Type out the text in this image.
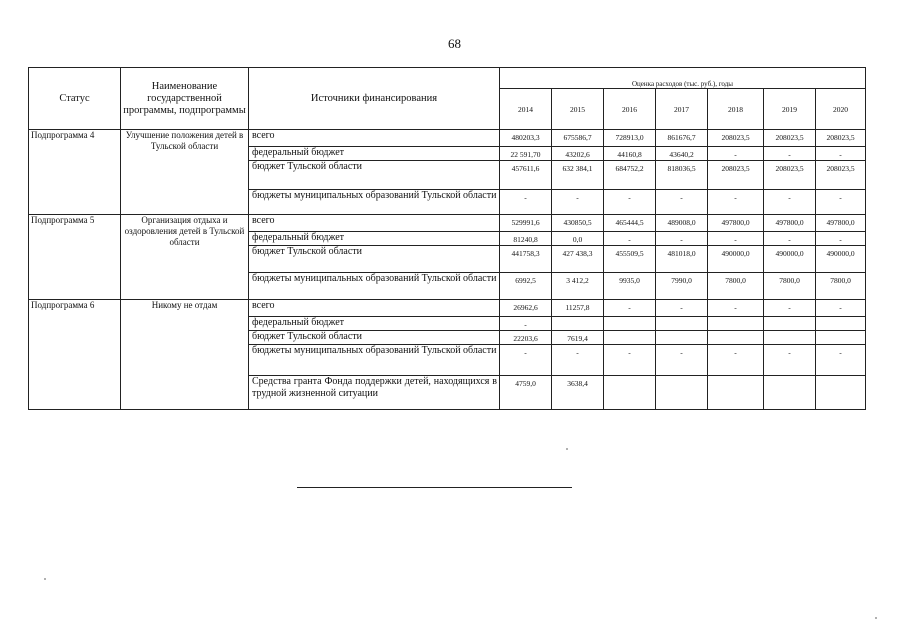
68
Статус	Наименование государственной программы, подпрограммы	Источники финансирования	Оценка расходов (тыс. руб.), годы						
			2014	2015	2016	2017	2018	2019	2020
Подпрограмма 4	Улучшение положения детей в Тульской области	всего	480203,3	675586,7	728913,0	861676,7	208023,5	208023,5	208023,5
		федеральный бюджет	22 591,70	43202,6	44160,8	43640,2	-	-	-
		бюджет Тульской области	457611,6	632 384,1	684752,2	818036,5	208023,5	208023,5	208023,5
		бюджеты муниципальных образований Тульской области	-	-	-	-	-	-	-
Подпрограмма 5	Организация отдыха и оздоровления детей в Тульской области	всего	529991,6	430850,5	465444,5	489008,0	497800,0	497800,0	497800,0
		федеральный бюджет	81240,8	0,0	-	-	-	-	-
		бюджет Тульской области	441758,3	427 438,3	455509,5	481018,0	490000,0	490000,0	490000,0
		бюджеты муниципальных образований Тульской области	6992,5	3 412,2	9935,0	7990,0	7800,0	7800,0	7800,0
Подпрограмма 6	Никому не отдам	всего	26962,6	11257,8	-	-	-	-	-
		федеральный бюджет	-						
		бюджет Тульской области	22203,6	7619,4					
		бюджеты муниципальных образований Тульской области	-	-	-	-	-	-	-
		Средства гранта Фонда поддержки детей, находящихся в трудной жизненной ситуации	4759,0	3638,4					
